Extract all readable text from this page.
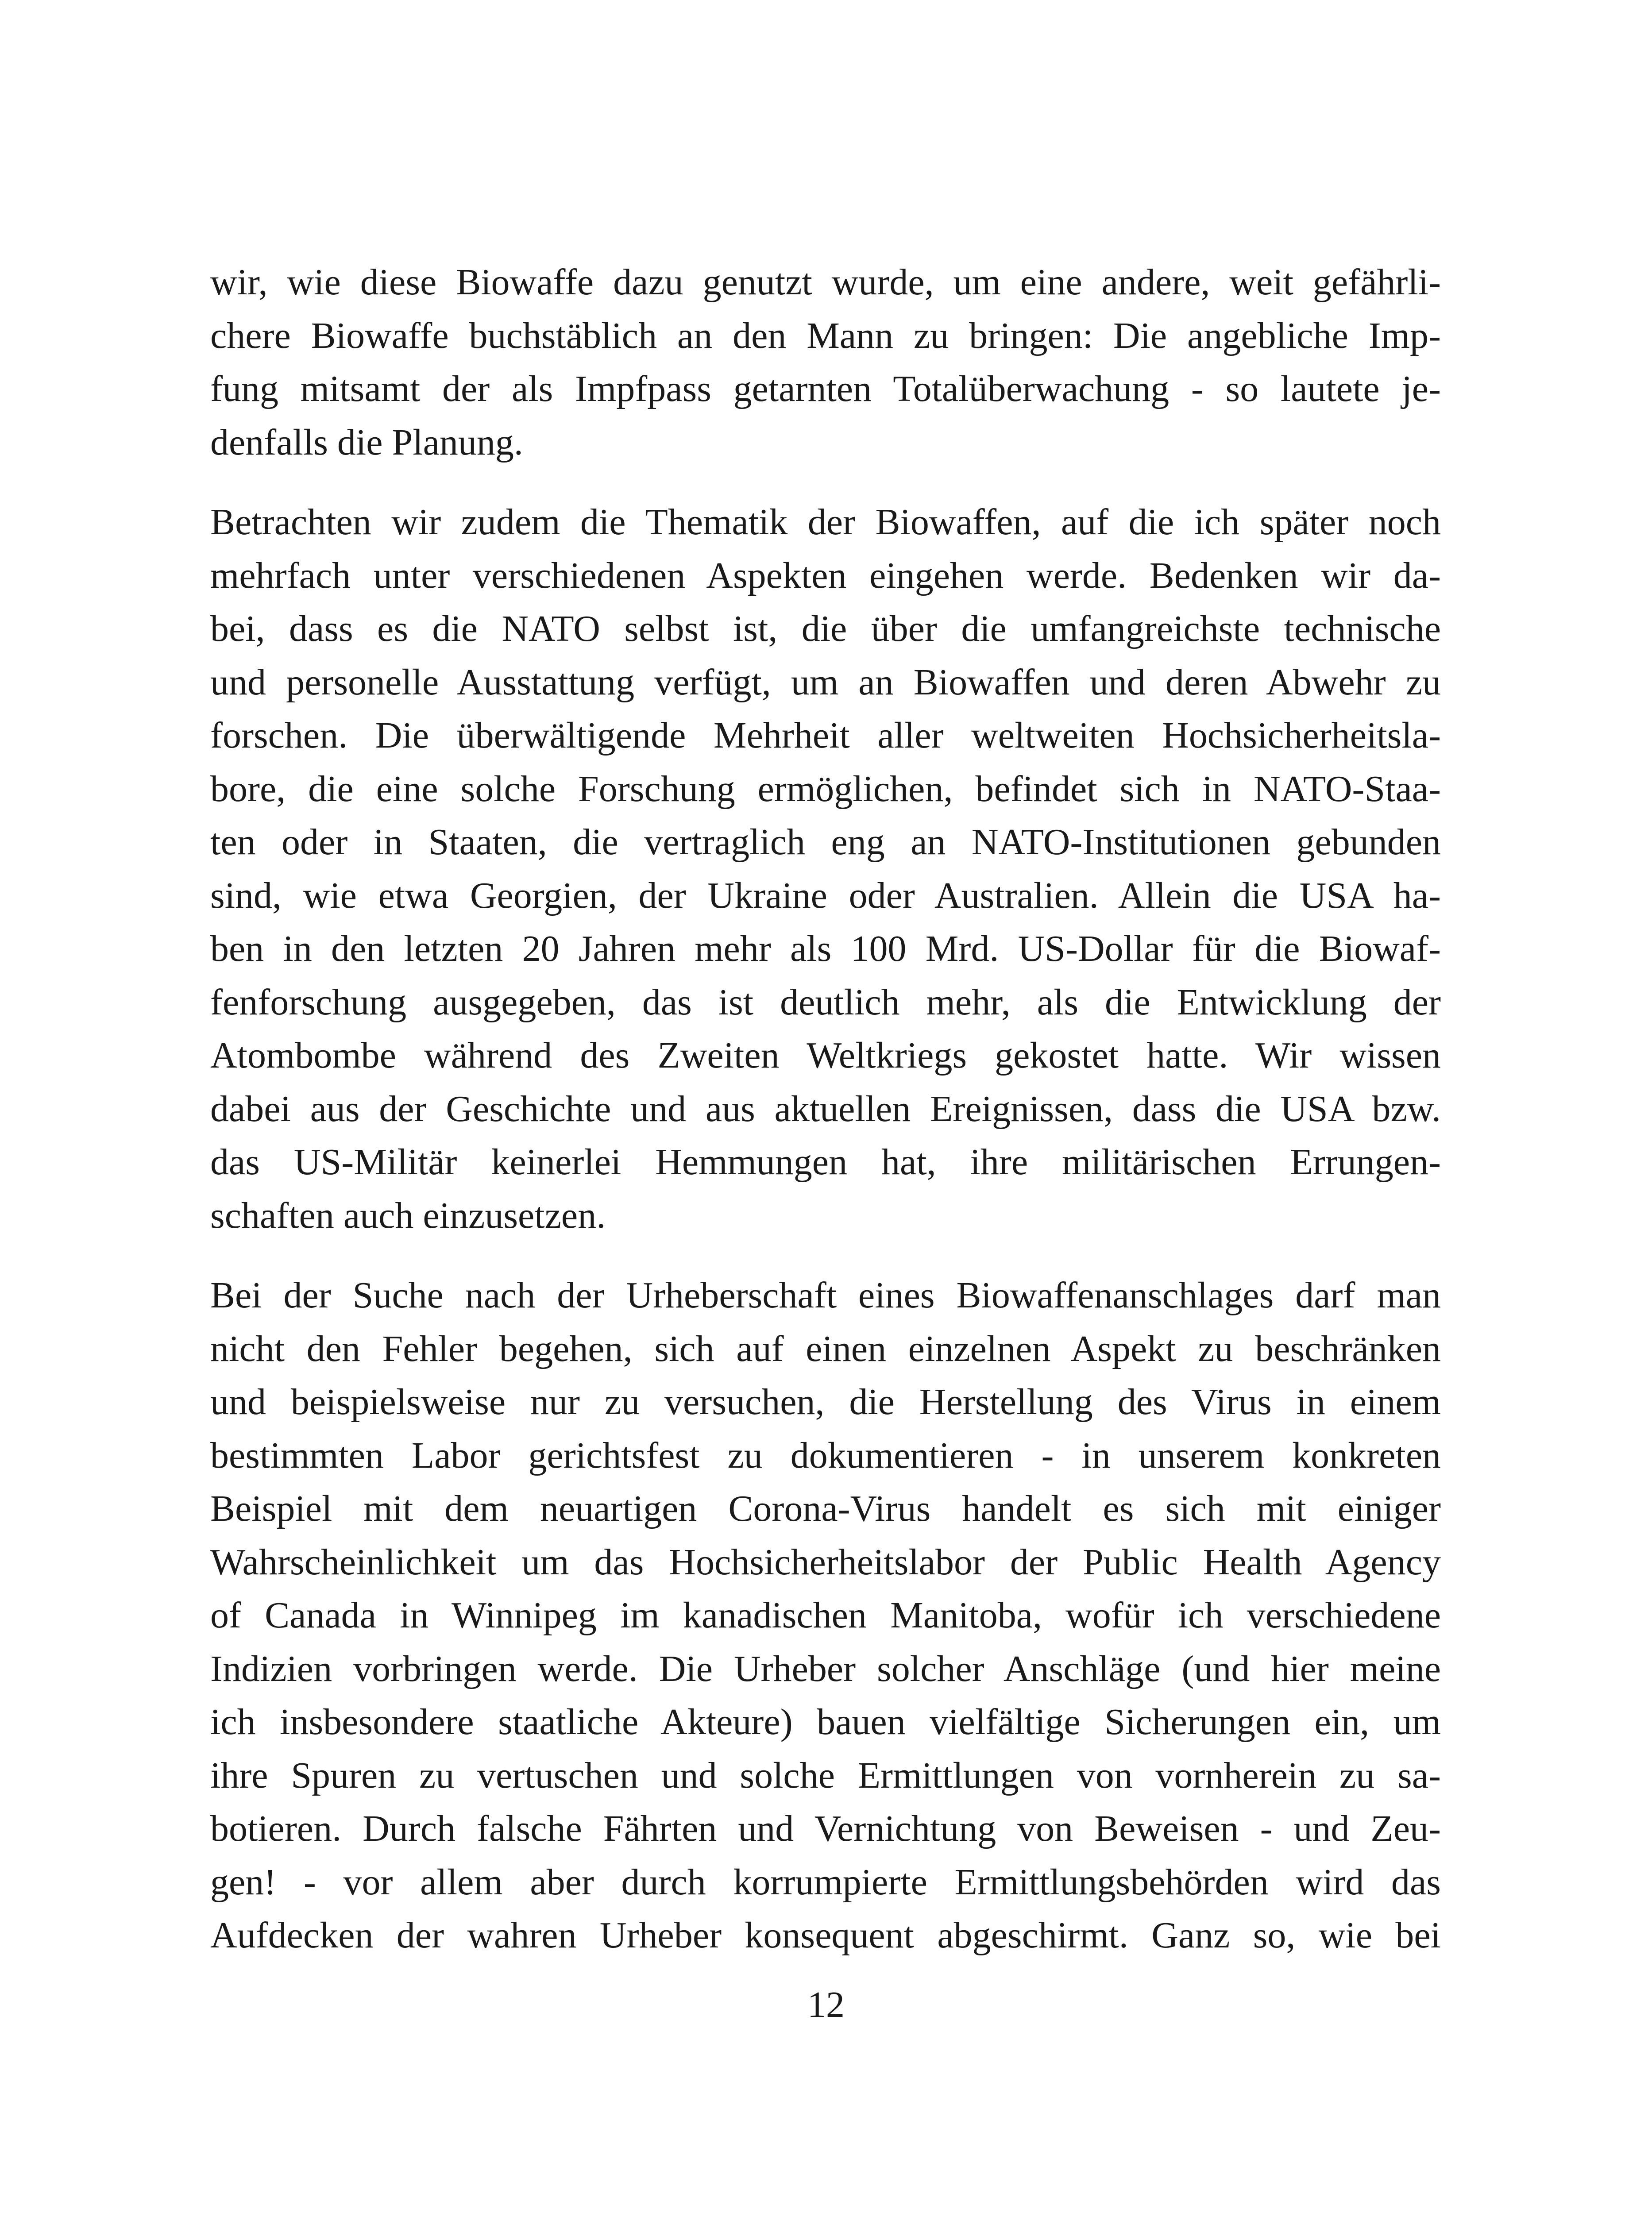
wir, wie diese Biowaffe dazu genutzt wurde, um eine andere, weit gefährli-
chere Biowaffe buchstäblich an den Mann zu bringen: Die angebliche Imp-
fung mitsamt der als Impfpass getarnten Totalüberwachung - so lautete je-
denfalls die Planung.
Betrachten wir zudem die Thematik der Biowaffen, auf die ich später noch
mehrfach unter verschiedenen Aspekten eingehen werde. Bedenken wir da-
bei, dass es die NATO selbst ist, die über die umfangreichste technische
und personelle Ausstattung verfügt, um an Biowaffen und deren Abwehr zu
forschen. Die überwältigende Mehrheit aller weltweiten Hochsicherheitsla-
bore, die eine solche Forschung ermöglichen, befindet sich in NATO-Staa-
ten oder in Staaten, die vertraglich eng an NATO-Institutionen gebunden
sind, wie etwa Georgien, der Ukraine oder Australien. Allein die USA ha-
ben in den letzten 20 Jahren mehr als 100 Mrd. US-Dollar für die Biowaf-
fenforschung ausgegeben, das ist deutlich mehr, als die Entwicklung der
Atombombe während des Zweiten Weltkriegs gekostet hatte. Wir wissen
dabei aus der Geschichte und aus aktuellen Ereignissen, dass die USA bzw.
das US-Militär keinerlei Hemmungen hat, ihre militärischen Errungen-
schaften auch einzusetzen.
Bei der Suche nach der Urheberschaft eines Biowaffenanschlages darf man
nicht den Fehler begehen, sich auf einen einzelnen Aspekt zu beschränken
und beispielsweise nur zu versuchen, die Herstellung des Virus in einem
bestimmten Labor gerichtsfest zu dokumentieren - in unserem konkreten
Beispiel mit dem neuartigen Corona-Virus handelt es sich mit einiger
Wahrscheinlichkeit um das Hochsicherheitslabor der Public Health Agency
of Canada in Winnipeg im kanadischen Manitoba, wofür ich verschiedene
Indizien vorbringen werde. Die Urheber solcher Anschläge (und hier meine
ich insbesondere staatliche Akteure) bauen vielfältige Sicherungen ein, um
ihre Spuren zu vertuschen und solche Ermittlungen von vornherein zu sa-
botieren. Durch falsche Fährten und Vernichtung von Beweisen - und Zeu-
gen! - vor allem aber durch korrumpierte Ermittlungsbehörden wird das
Aufdecken der wahren Urheber konsequent abgeschirmt. Ganz so, wie bei
12
